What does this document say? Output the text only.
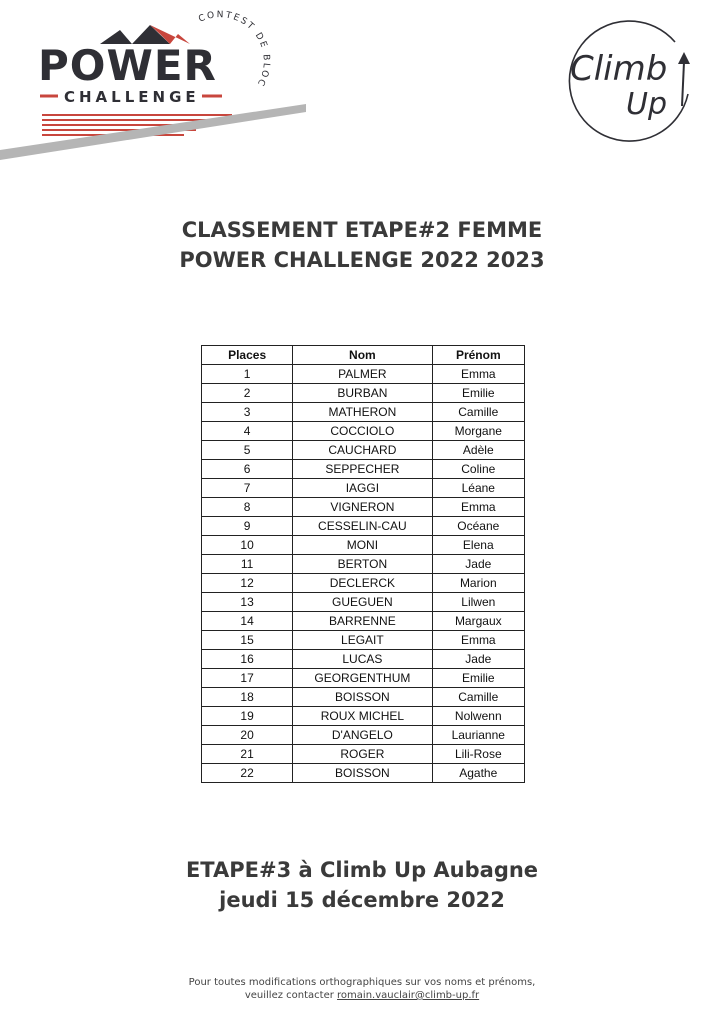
POWER
CHALLENGE
CONTEST DE BLOC	Climb
Up
CLASSEMENT ETAPE#2 FEMME
POWER CHALLENGE 2022 2023
Places	Nom	Prénom
1	PALMER	Emma
2	BURBAN	Emilie
3	MATHERON	Camille
4	COCCIOLO	Morgane
5	CAUCHARD	Adèle
6	SEPPECHER	Coline
7	IAGGI	Léane
8	VIGNERON	Emma
9	CESSELIN-CAU	Océane
10	MONI	Elena
11	BERTON	Jade
12	DECLERCK	Marion
13	GUEGUEN	Lilwen
14	BARRENNE	Margaux
15	LEGAIT	Emma
16	LUCAS	Jade
17	GEORGENTHUM	Emilie
18	BOISSON	Camille
19	ROUX MICHEL	Nolwenn
20	D'ANGELO	Laurianne
21	ROGER	Lili-Rose
22	BOISSON	Agathe
ETAPE#3 à Climb Up Aubagne
jeudi 15 décembre 2022
Pour toutes modifications orthographiques sur vos noms et prénoms,
veuillez contacter romain.vauclair@climb-up.fr
